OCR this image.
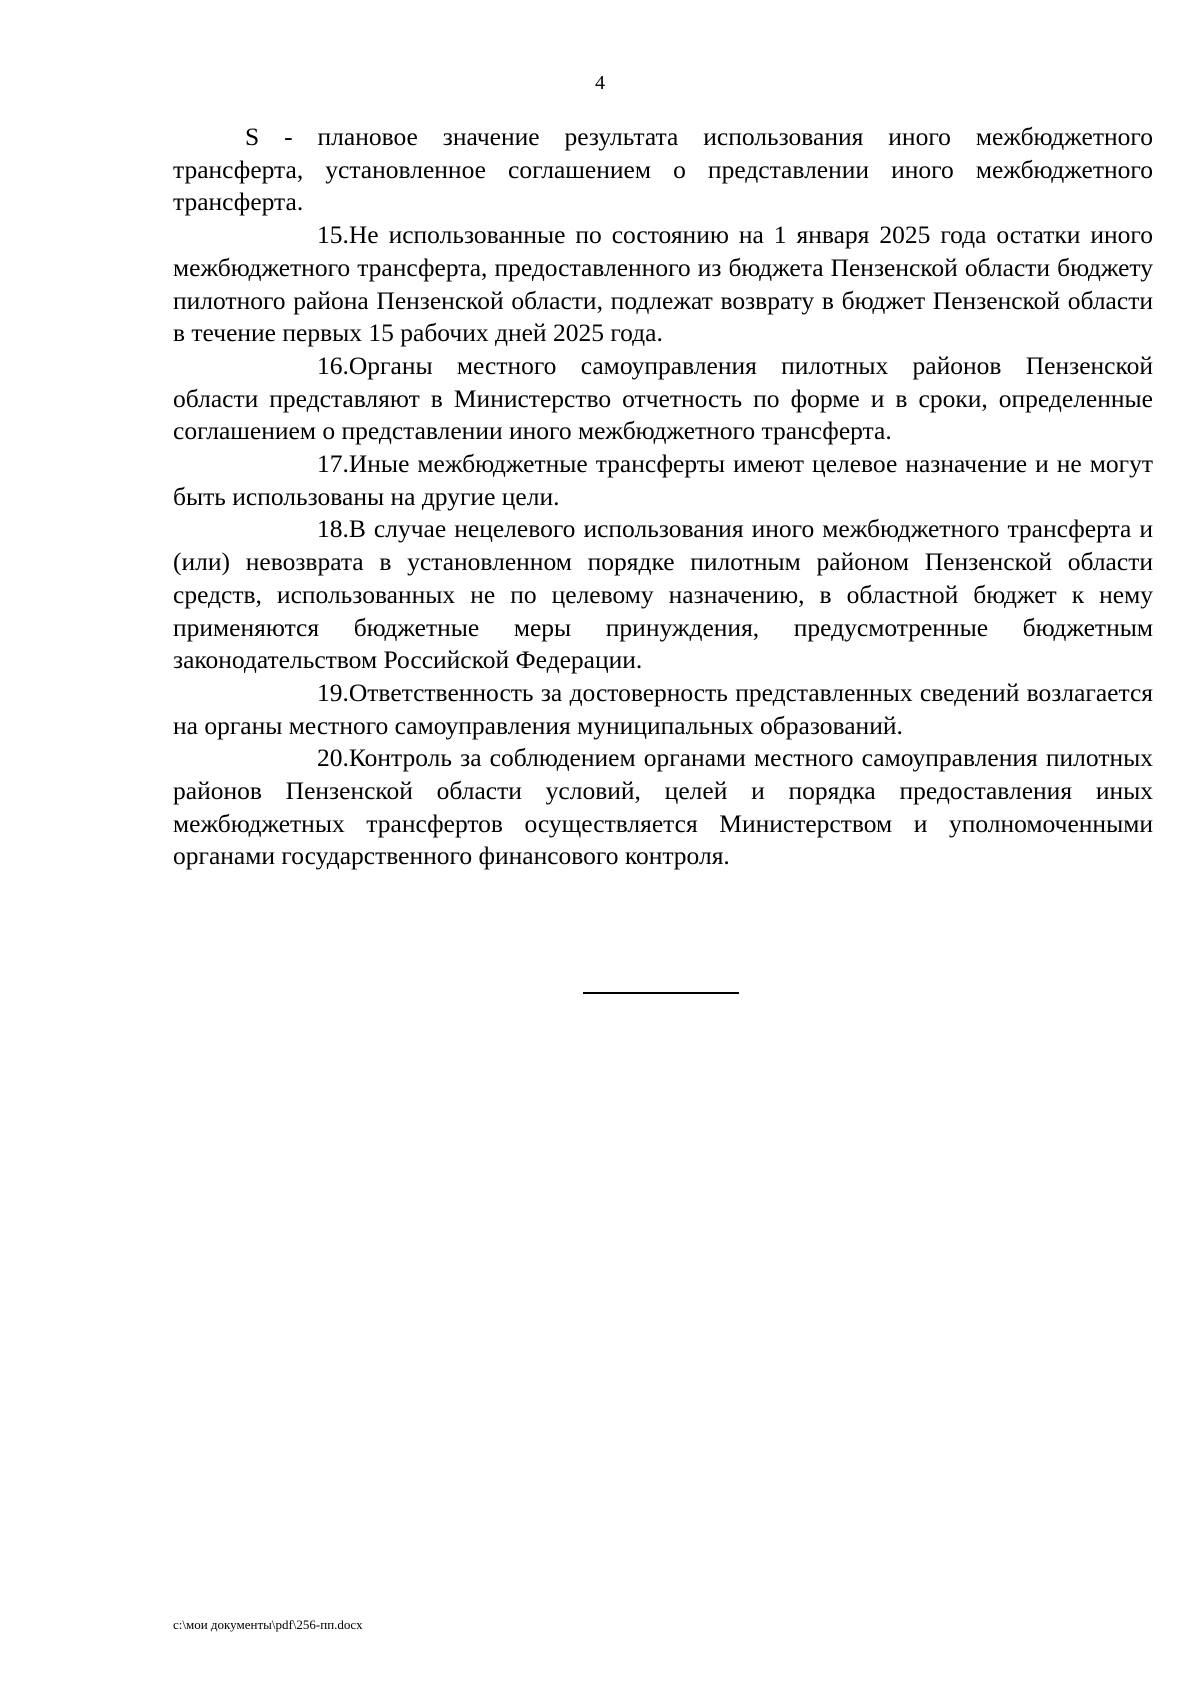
4

S - плановое значение результата использования иного межбюджетного трансферта, установленное соглашением о представлении иного межбюджетного трансферта.

15.Не использованные по состоянию на 1 января 2025 года остатки иного межбюджетного трансферта, предоставленного из бюджета Пензенской области бюджету пилотного района Пензенской области, подлежат возврату в бюджет Пензенской области в течение первых 15 рабочих дней 2025 года.

16.Органы местного самоуправления пилотных районов Пензенской области представляют в Министерство отчетность по форме и в сроки, определенные соглашением о представлении иного межбюджетного трансферта.

17.Иные межбюджетные трансферты имеют целевое назначение и не могут быть использованы на другие цели.

18.В случае нецелевого использования иного межбюджетного трансферта и (или) невозврата в установленном порядке пилотным районом Пензенской области средств, использованных не по целевому назначению, в областной бюджет к нему применяются бюджетные меры принуждения, предусмотренные бюджетным законодательством Российской Федерации.

19.Ответственность за достоверность представленных сведений возлагается на органы местного самоуправления муниципальных образований.

20.Контроль за соблюдением органами местного самоуправления пилотных районов Пензенской области условий, целей и порядка предоставления иных межбюджетных трансфертов осуществляется Министерством и уполномоченными органами государственного финансового контроля.

c:\мои документы\pdf\256-пп.docx
